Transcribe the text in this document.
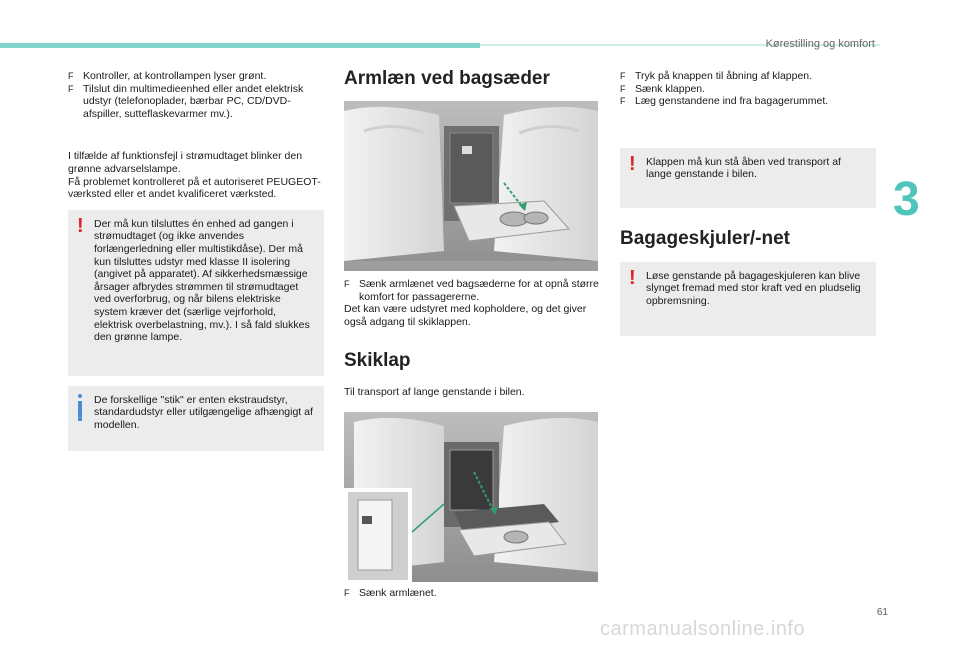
Kørestilling og komfort
3

F Kontroller, at kontrollampen lyser grønt.

F Tilslut din multimedieenhed eller andet elektrisk udstyr (telefonoplader, bærbar PC, CD/DVD-afspiller, sutteflaskevarmer mv.).

I tilfælde af funktionsfejl i strømudtaget blinker den grønne advarselslampe.

Få problemet kontrolleret på et autoriseret PEUGEOT-værksted eller et andet kvalificeret værksted.

! Der må kun tilsluttes én enhed ad gangen i strømudtaget (og ikke anvendes forlængerledning eller multistikdåse). Der må kun tilsluttes udstyr med klasse II isolering (angivet på apparatet). Af sikkerhedsmæssige årsager afbrydes strømmen til strømudtaget ved overforbrug, og når bilens elektriske system kræver det (særlige vejrforhold, elektrisk overbelastning, mv.). I så fald slukkes den grønne lampe.
De forskellige "stik" er enten ekstraudstyr, standardudstyr eller utilgængelige afhængigt af modellen.

Armlæn ved bagsæder

F Sænk armlænet ved bagsæderne for at opnå større komfort for passagererne.

Det kan være udstyret med kopholdere, og det giver også adgang til skiklappen.

Skiklap

Til transport af lange genstande i bilen.

F Sænk armlænet.

F Tryk på knappen til åbning af klappen.

F Sænk klappen.

F Læg genstandene ind fra bagagerummet.

! Klappen må kun stå åben ved transport af lange genstande i bilen.

Bagageskjuler/-net

! Løse genstande på bagageskjuleren kan blive slynget fremad med stor kraft ved en pludselig opbremsning.
61
carmanualsonline.info
